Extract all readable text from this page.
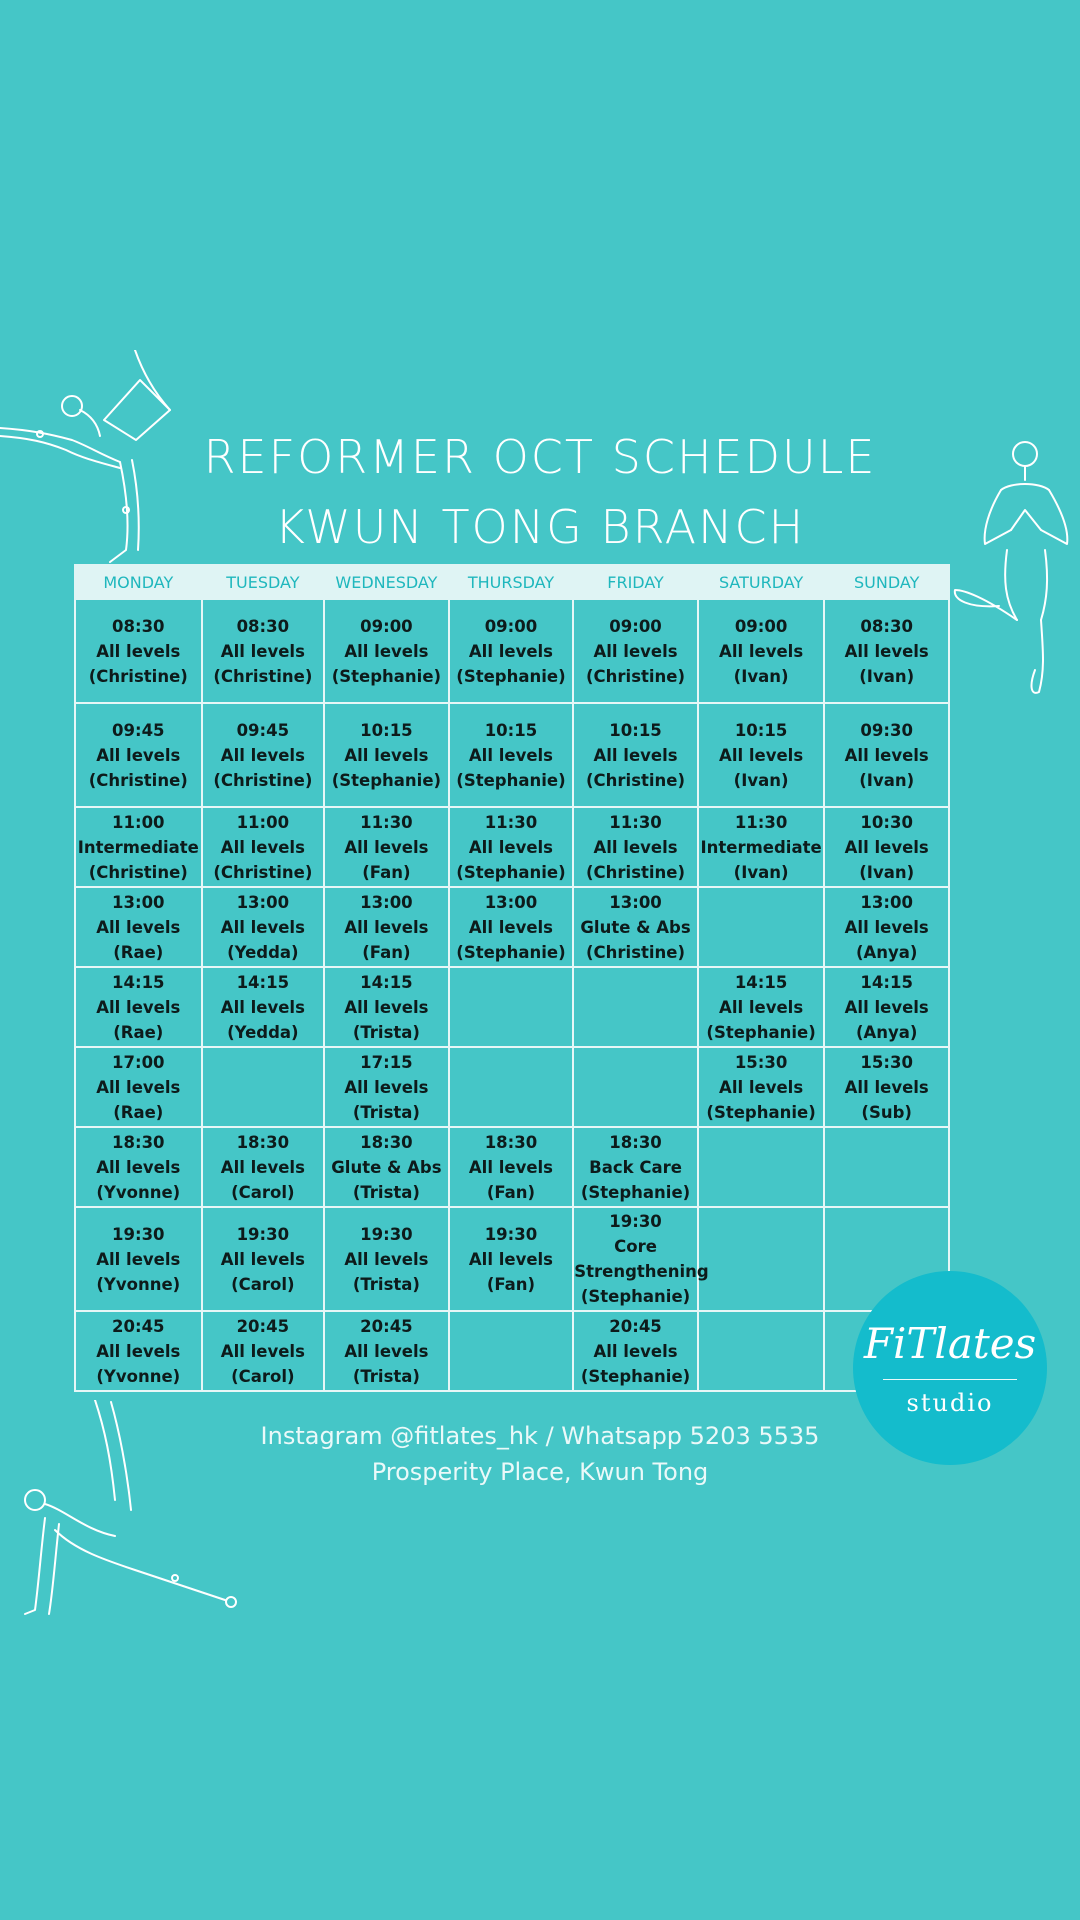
REFORMER OCT SCHEDULE
KWUN TONG BRANCH
MONDAY	TUESDAY	WEDNESDAY	THURSDAY	FRIDAY	SATURDAY	SUNDAY

08:30
All levels
(Christine)	08:30
All levels
(Christine)	09:00
All levels
(Stephanie)	09:00
All levels
(Stephanie)	09:00
All levels
(Christine)	09:00
All levels
(Ivan)	08:30
All levels
(Ivan)

09:45
All levels
(Christine)	09:45
All levels
(Christine)	10:15
All levels
(Stephanie)	10:15
All levels
(Stephanie)	10:15
All levels
(Christine)	10:15
All levels
(Ivan)	09:30
All levels
(Ivan)

11:00
Intermediate
(Christine)	11:00
All levels
(Christine)	11:30
All levels
(Fan)	11:30
All levels
(Stephanie)	11:30
All levels
(Christine)	11:30
Intermediate
(Ivan)	10:30
All levels
(Ivan)

13:00
All levels
(Rae)	13:00
All levels
(Yedda)	13:00
All levels
(Fan)	13:00
All levels
(Stephanie)	13:00
Glute & Abs
(Christine)		13:00
All levels
(Anya)

14:15
All levels
(Rae)	14:15
All levels
(Yedda)	14:15
All levels
(Trista)			14:15
All levels
(Stephanie)	14:15
All levels
(Anya)

17:00
All levels
(Rae)		17:15
All levels
(Trista)			15:30
All levels
(Stephanie)	15:30
All levels
(Sub)

18:30
All levels
(Yvonne)	18:30
All levels
(Carol)	18:30
Glute & Abs
(Trista)	18:30
All levels
(Fan)	18:30
Back Care
(Stephanie)		

19:30
All levels
(Yvonne)	19:30
All levels
(Carol)	19:30
All levels
(Trista)	19:30
All levels
(Fan)	19:30
Core Strengthening
(Stephanie)		

20:45
All levels
(Yvonne)	20:45
All levels
(Carol)	20:45
All levels
(Trista)		20:45
All levels
(Stephanie)		

Instagram @fitlates_hk / Whatsapp 5203 5535
Prosperity Place, Kwun Tong
FiTlates
studio
